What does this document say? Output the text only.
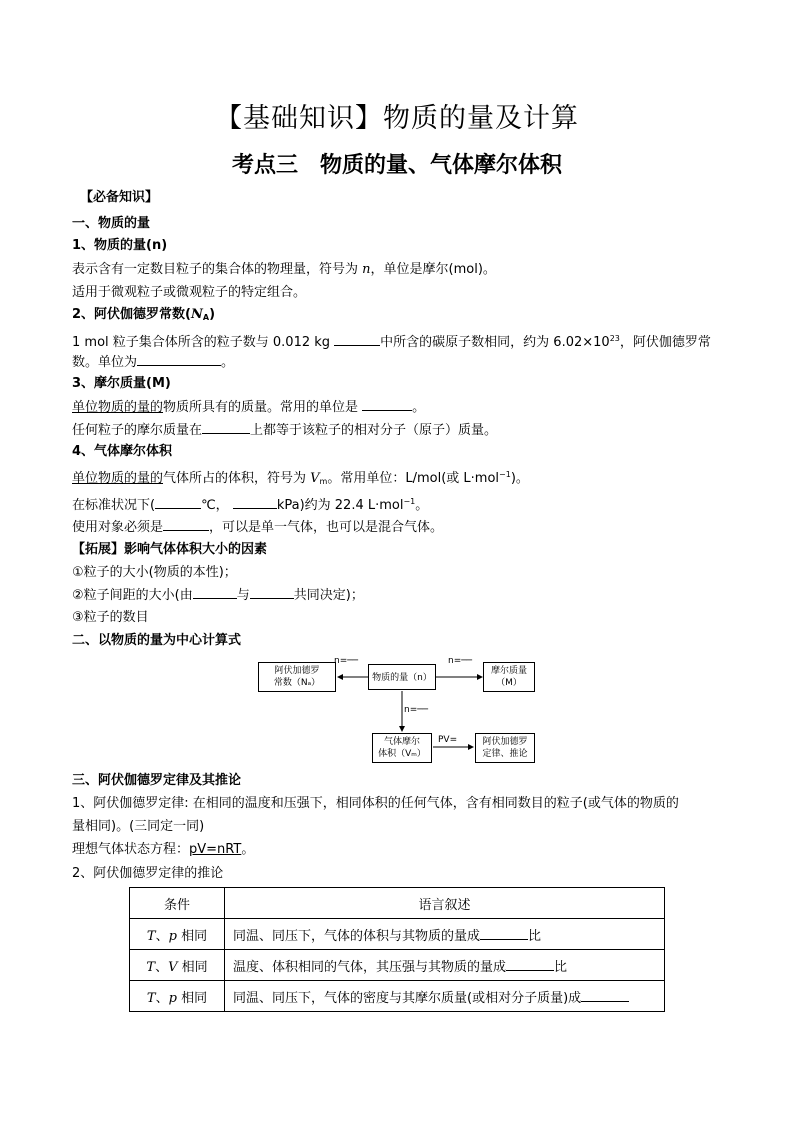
【基础知识】物质的量及计算
考点三　物质的量、气体摩尔体积
【必备知识】
一、物质的量
1、物质的量(n)
表示含有一定数目粒子的集合体的物理量，符号为 n，单位是摩尔(mol)。
适用于微观粒子或微观粒子的特定组合。
2、阿伏伽德罗常数$(N_A)$
1 mol 粒子集合体所含的粒子数与 0.012 kg	中所含的碳原子数相同，约为 $6.02\times 10^{23}$，阿伏伽德罗常
数。单位为	。
3、摩尔质量(M)
单位物质的量的物质所具有的质量。常用的单位是	。
任何粒子的摩尔质量在	上都等于该粒子的相对分子（原子）质量。
4、气体摩尔体积
单位物质的量的气体所占的体积，符号为 $V_m$。常用单位：L/mol(或 L·mol$^{-1}$)。
在标准状况下(	℃，	kPa)约为 22.4 L·mol$^{-1}$。
使用对象必须是	，可以是单一气体，也可以是混合气体。
【拓展】影响气体体积大小的因素
①粒子的大小(物质的本性)；
②粒子间距的大小(由	与	共同决定)；
③粒子的数目
二、以物质的量为中心计算式
阿伏加德罗
常数（Nₐ）	物质的量（n）
摩尔质量
（M）
气体摩尔
体积（Vₘ）
阿伏加德罗
定律、推论
n=──	n=──
n=──
PV=
三、阿伏伽德罗定律及其推论
1、阿伏伽德罗定律: 在相同的温度和压强下，相同体积的任何气体，含有相同数目的粒子(或气体的物质的
量相同)。(三同定一同)
理想气体状态方程：pV=nRT。
2、阿伏伽德罗定律的推论
条件	语言叙述
T、p 相同	同温、同压下，气体的体积与其物质的量成 比
T、V 相同	温度、体积相同的气体，其压强与其物质的量成 比
T、p 相同	同温、同压下，气体的密度与其摩尔质量(或相对分子质量)成
